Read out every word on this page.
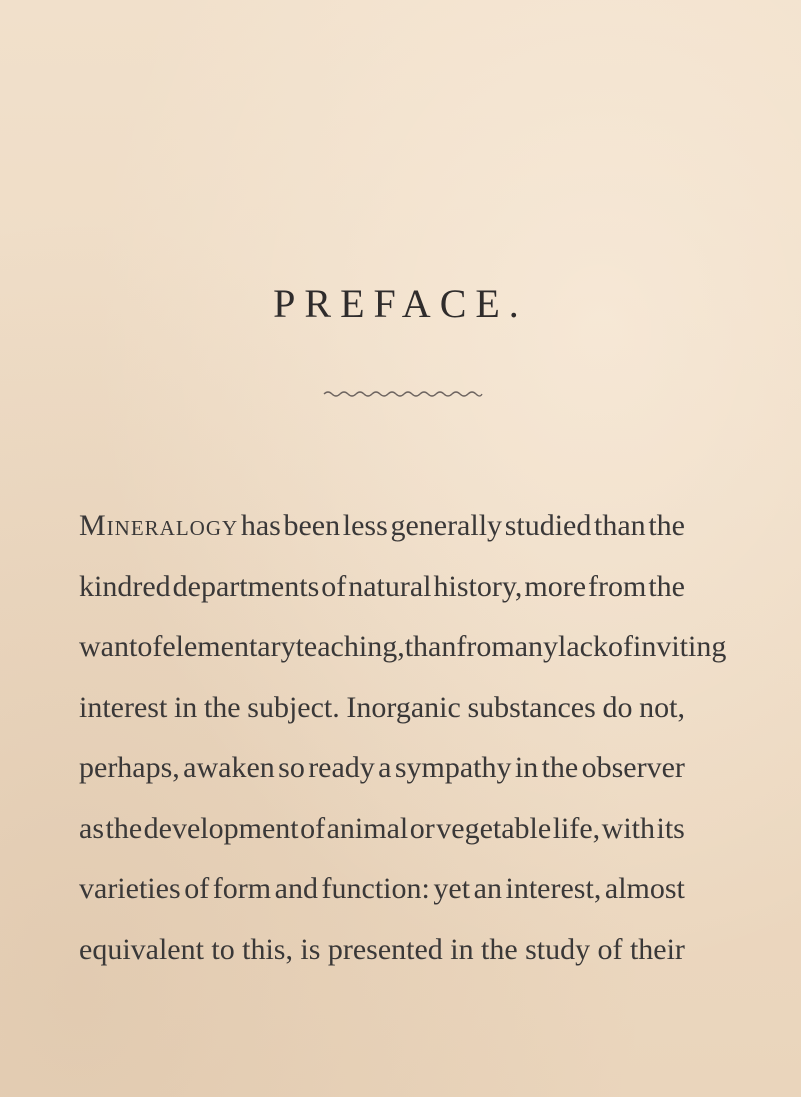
PREFACE.
Mineralogy has been less generally studied than the
kindred departments of natural history, more from the
want of elementary teaching, than from any lack of inviting
interest in the subject. Inorganic substances do not,
perhaps, awaken so ready a sympathy in the observer
as the development of animal or vegetable life, with its
varieties of form and function: yet an interest, almost
equivalent to this, is presented in the study of their
